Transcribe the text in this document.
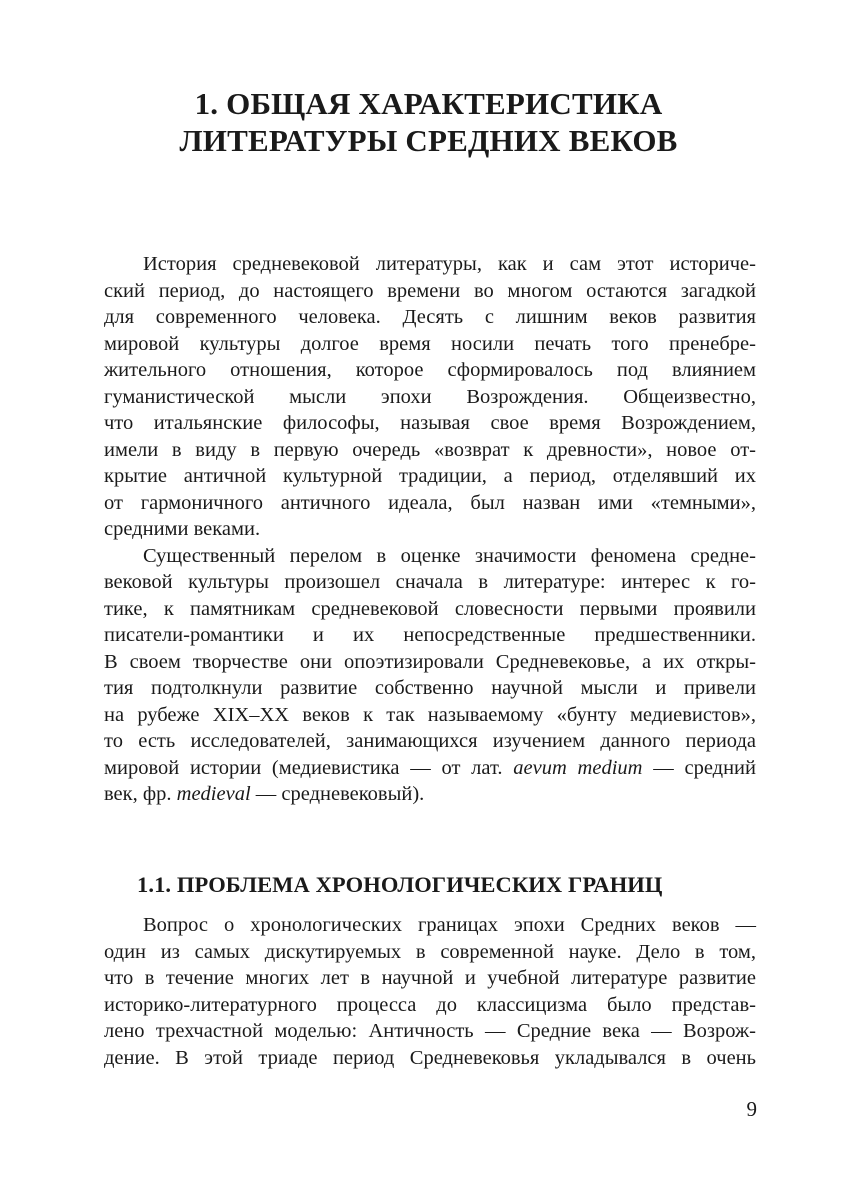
1. ОБЩАЯ ХАРАКТЕРИСТИКА
ЛИТЕРАТУРЫ СРЕДНИХ ВЕКОВ

История средневековой литературы, как и сам этот историче-
ский период, до настоящего времени во многом остаются загадкой
для современного человека. Десять с лишним веков развития
мировой культуры долгое время носили печать того пренебре-
жительного отношения, которое сформировалось под влиянием
гуманистической мысли эпохи Возрождения. Общеизвестно,
что итальянские философы, называя свое время Возрождением,
имели в виду в первую очередь «возврат к древности», новое от-
крытие античной культурной традиции, а период, отделявший их
от гармоничного античного идеала, был назван ими «темными»,
средними веками.

Существенный перелом в оценке значимости феномена средне-
вековой культуры произошел сначала в литературе: интерес к го-
тике, к памятникам средневековой словесности первыми проявили
писатели-романтики и их непосредственные предшественники.
В своем творчестве они опоэтизировали Средневековье, а их откры-
тия подтолкнули развитие собственно научной мысли и привели
на рубеже XIX–XX веков к так называемому «бунту медиевистов»,
то есть исследователей, занимающихся изучением данного периода
мировой истории (медиевистика — от лат. aevum medium — средний
век, фр. medieval — средневековый).

1.1. ПРОБЛЕМА ХРОНОЛОГИЧЕСКИХ ГРАНИЦ

Вопрос о хронологических границах эпохи Средних веков —
один из самых дискутируемых в современной науке. Дело в том,
что в течение многих лет в научной и учебной литературе развитие
историко-литературного процесса до классицизма было представ-
лено трехчастной моделью: Античность — Средние века — Возрож-
дение. В этой триаде период Средневековья укладывался в очень

9
